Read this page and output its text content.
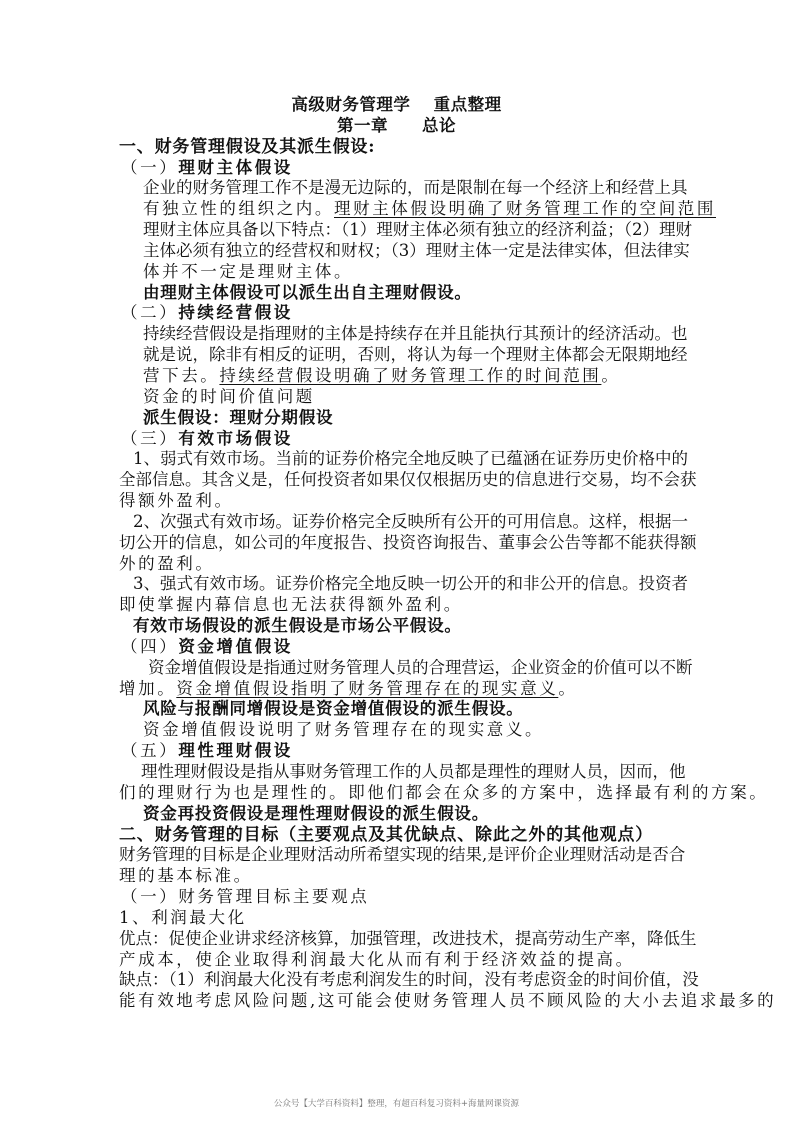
高级财务管理学　 重点整理
第一章　　总论
一、财务管理假设及其派生假设:
（一）理财主体假设
企业的财务管理工作不是漫无边际的，而是限制在每一个经济上和经营上具
有独立性的组织之内。理财主体假设明确了财务管理工作的空间范围
理财主体应具备以下特点：（1）理财主体必须有独立的经济利益；（2）理财
主体必须有独立的经营权和财权；（3）理财主体一定是法律实体，但法律实
体并不一定是理财主体。
由理财主体假设可以派生出自主理财假设。
（二）持续经营假设
持续经营假设是指理财的主体是持续存在并且能执行其预计的经济活动。也
就是说，除非有相反的证明，否则，将认为每一个理财主体都会无限期地经
营下去。持续经营假设明确了财务管理工作的时间范围。
资金的时间价值问题
派生假设：理财分期假设
（三）有效市场假设
1、弱式有效市场。当前的证券价格完全地反映了已蕴涵在证券历史价格中的
全部信息。其含义是，任何投资者如果仅仅根据历史的信息进行交易，均不会获
得额外盈利。
2、次强式有效市场。证券价格完全反映所有公开的可用信息。这样，根据一
切公开的信息，如公司的年度报告、投资咨询报告、董事会公告等都不能获得额
外的盈利。
3、强式有效市场。证券价格完全地反映一切公开的和非公开的信息。投资者
即使掌握内幕信息也无法获得额外盈利。
有效市场假设的派生假设是市场公平假设。
（四）资金增值假设
资金增值假设是指通过财务管理人员的合理营运，企业资金的价值可以不断
增加。资金增值假设指明了财务管理存在的现实意义。
风险与报酬同增假设是资金增值假设的派生假设。
资金增值假设说明了财务管理存在的现实意义。
（五）理性理财假设
理性理财假设是指从事财务管理工作的人员都是理性的理财人员，因而，他
们的理财行为也是理性的。即他们都会在众多的方案中，选择最有利的方案。
资金再投资假设是理性理财假设的派生假设。
二、财务管理的目标（主要观点及其优缺点、除此之外的其他观点）
财务管理的目标是企业理财活动所希望实现的结果,是评价企业理财活动是否合
理的基本标准。
（一）财务管理目标主要观点
1、利润最大化
优点：促使企业讲求经济核算，加强管理，改进技术，提高劳动生产率，降低生
产成本，使企业取得利润最大化从而有利于经济效益的提高。
缺点：（1）利润最大化没有考虑利润发生的时间，没有考虑资金的时间价值，没
能有效地考虑风险问题,这可能会使财务管理人员不顾风险的大小去追求最多的
公众号【大学百科资料】整理，有超百科复习资料+海量网课资源
